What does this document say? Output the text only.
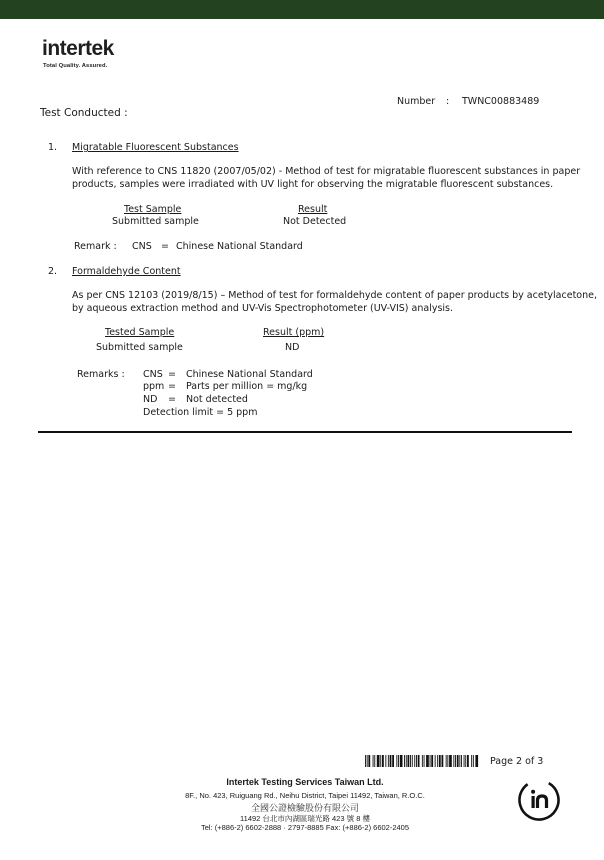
intertek
Total Quality. Assured.
Number : TWNC00883489
Test Conducted :
1. Migratable Fluorescent Substances
With reference to CNS 11820 (2007/05/02) - Method of test for migratable fluorescent substances in paper
products, samples were irradiated with UV light for observing the migratable fluorescent substances.
Test Sample	Result
Submitted sample	Not Detected
Remark : CNS = Chinese National Standard
2. Formaldehyde Content
As per CNS 12103 (2019/8/15) – Method of test for formaldehyde content of paper products by acetylacetone,
by aqueous extraction method and UV-Vis Spectrophotometer (UV-VIS) analysis.
Tested Sample	Result (ppm)
Submitted sample	ND
Remarks : CNS = Chinese National Standard
ppm = Parts per million = mg/kg
ND = Not detected
Detection limit = 5 ppm
Page 2 of 3
Intertek Testing Services Taiwan Ltd.
8F., No. 423, Ruiguang Rd., Neihu District, Taipei 11492, Taiwan, R.O.C.
全國公證檢驗股份有限公司
11492 台北市內湖區瑞光路 423 號 8 樓
Tel: (+886-2) 6602-2888 · 2797-8885 Fax: (+886-2) 6602-2405
